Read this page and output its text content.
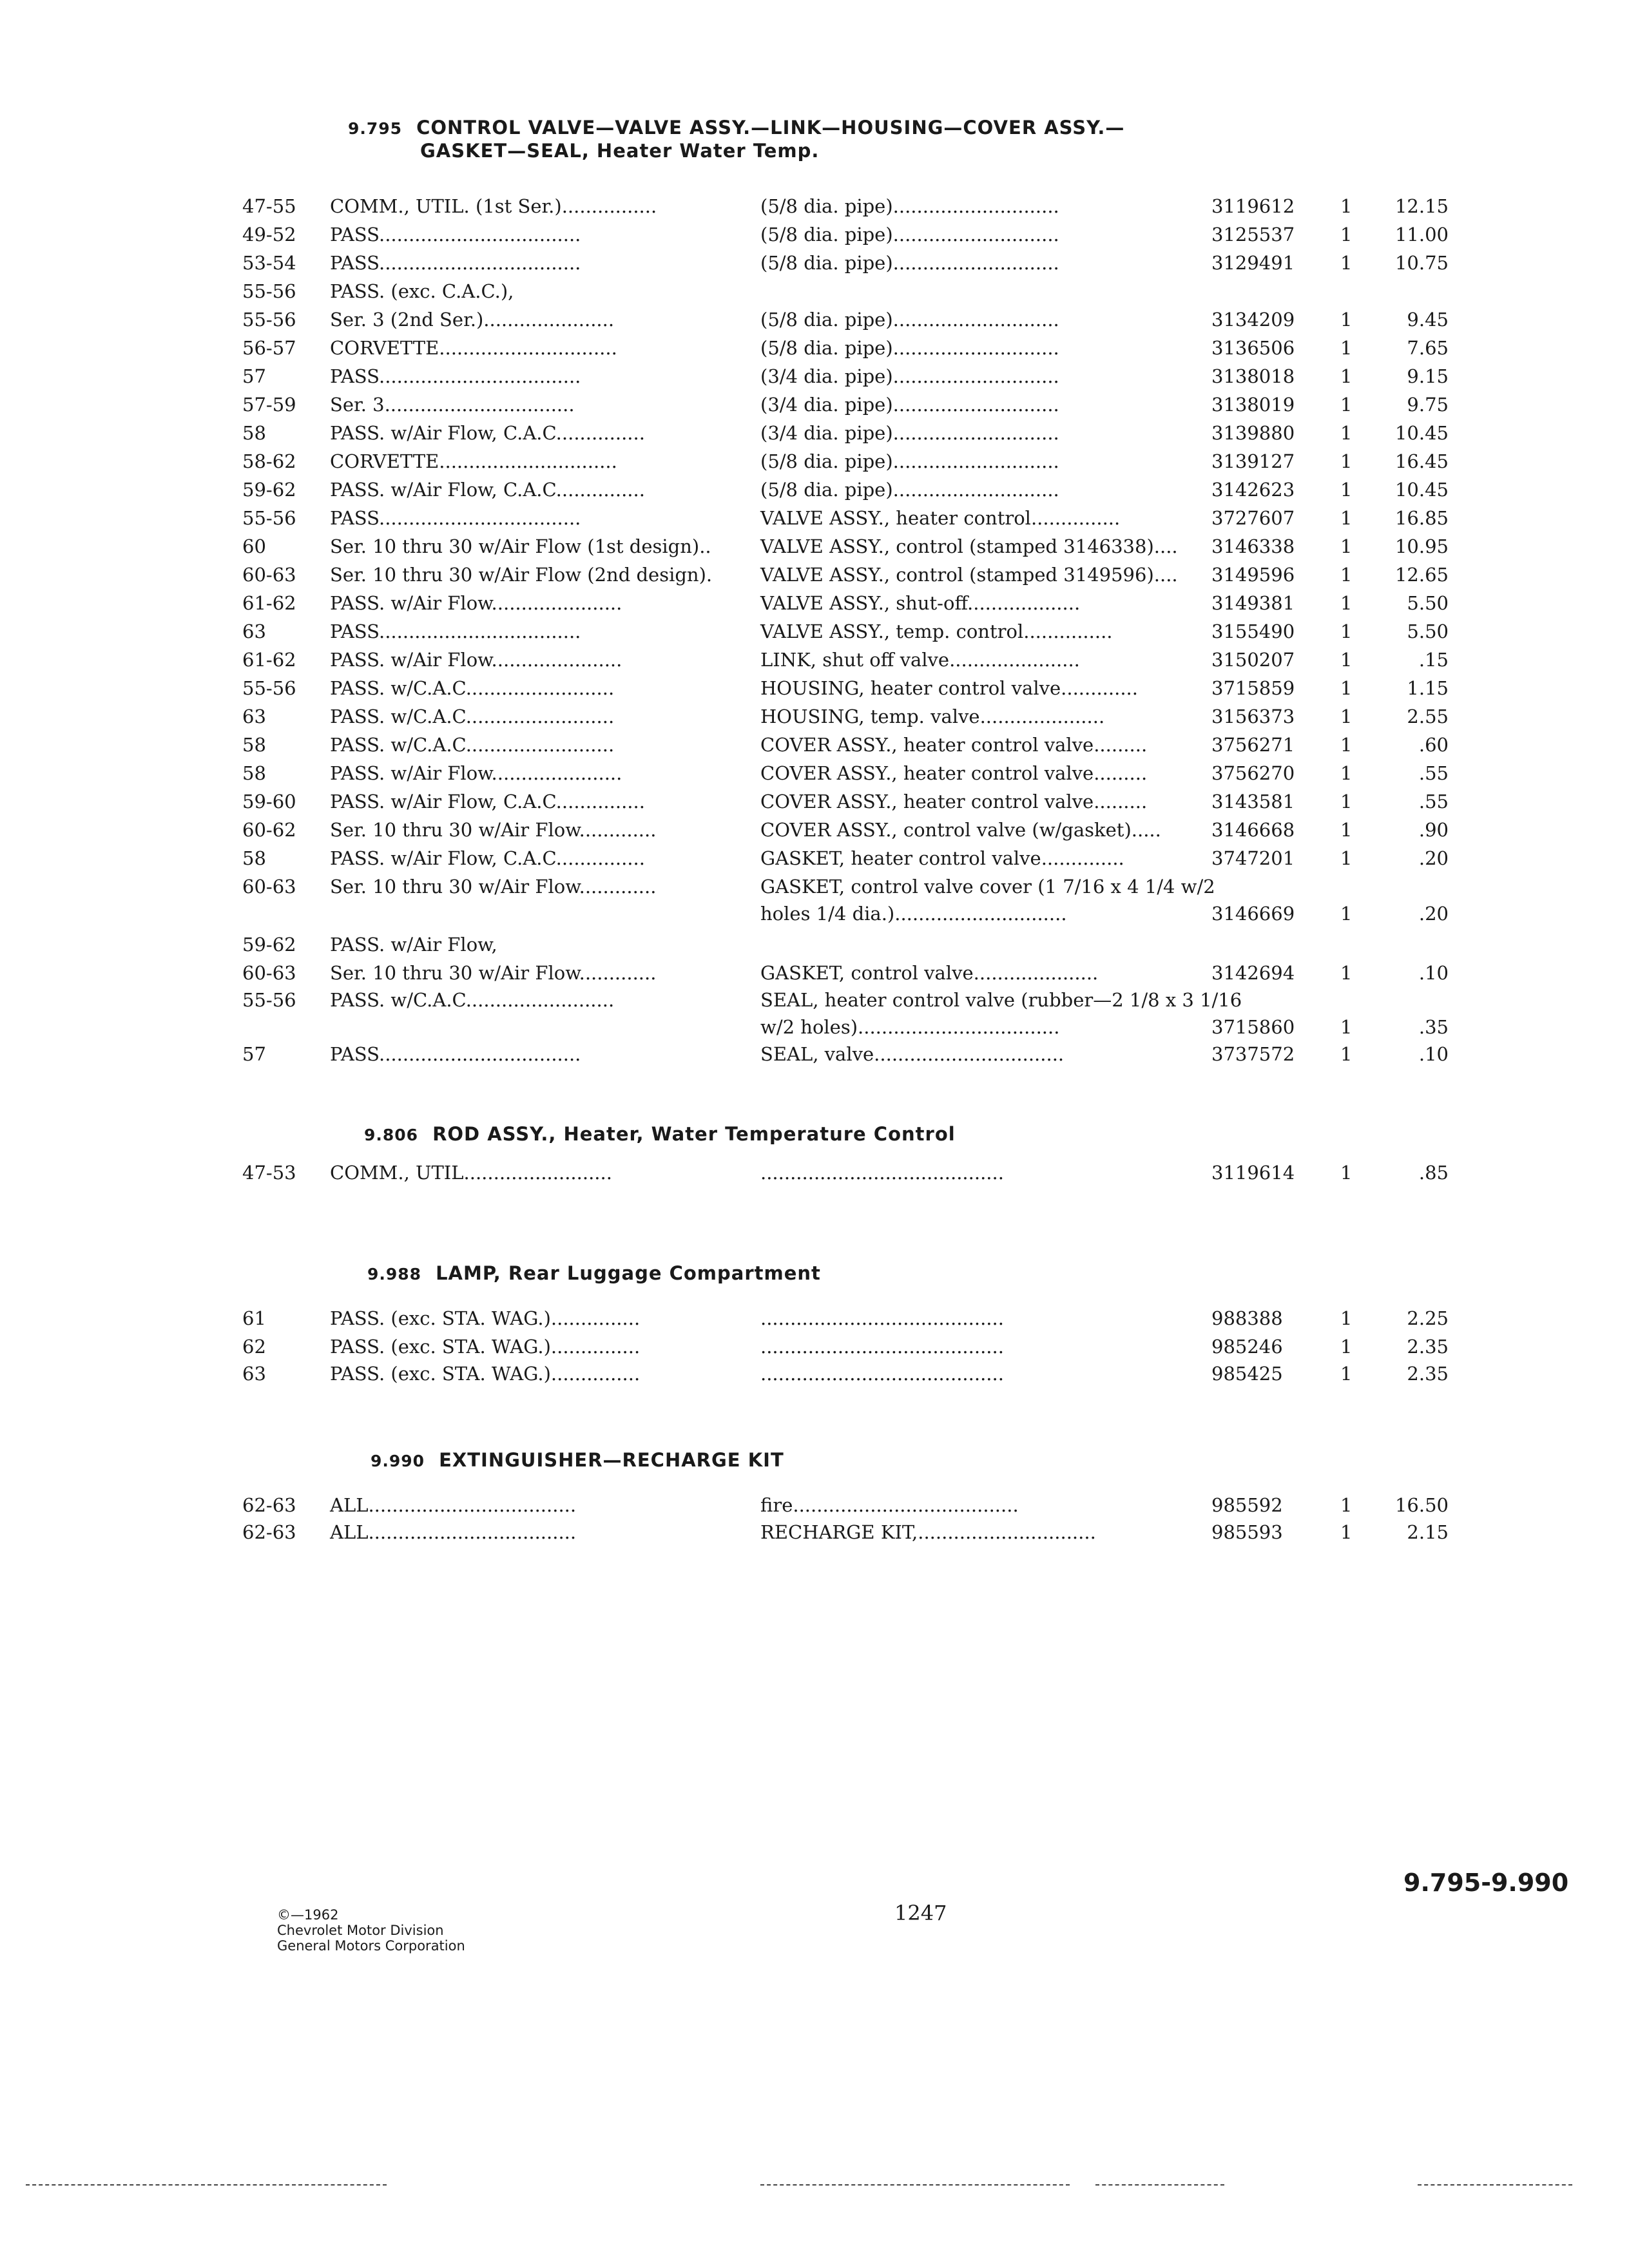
9.795 CONTROL VALVE—VALVE ASSY.—LINK—HOUSING—COVER ASSY.—
GASKET—SEAL, Heater Water Temp.
47-55 COMM., UTIL. (1st Ser.)................	(5/8 dia. pipe)............................	3119612 1 12.15
49-52 PASS..................................	(5/8 dia. pipe)............................	3125537 1 11.00
53-54 PASS..................................	(5/8 dia. pipe)............................	3129491 1 10.75
55-56 PASS. (exc. C.A.C.),
55-56 Ser. 3 (2nd Ser.)......................	(5/8 dia. pipe)............................	3134209 1	9.45
56-57 CORVETTE..............................	(5/8 dia. pipe)............................	3136506 1	7.65
57	PASS..................................	(3/4 dia. pipe)............................	3138018 1	9.15
57-59 Ser. 3................................	(3/4 dia. pipe)............................	3138019 1	9.75
58	PASS. w/Air Flow, C.A.C...............	(3/4 dia. pipe)............................	3139880 1 10.45
58-62 CORVETTE..............................	(5/8 dia. pipe)............................	3139127 1 16.45
59-62 PASS. w/Air Flow, C.A.C...............	(5/8 dia. pipe)............................	3142623 1 10.45
55-56 PASS..................................	VALVE ASSY., heater control...............	3727607 1 16.85
60	Ser. 10 thru 30 w/Air Flow (1st design)..	VALVE ASSY., control (stamped 3146338).... 3146338 1 10.95
60-63 Ser. 10 thru 30 w/Air Flow (2nd design).	VALVE ASSY., control (stamped 3149596).... 3149596 1 12.65
61-62 PASS. w/Air Flow......................	VALVE ASSY., shut-off...................	3149381 1	5.50
63	PASS..................................	VALVE ASSY., temp. control...............	3155490 1	5.50
61-62 PASS. w/Air Flow......................	LINK, shut off valve......................	3150207 1	.15
55-56 PASS. w/C.A.C.........................	HOUSING, heater control valve.............	3715859 1	1.15
63	PASS. w/C.A.C.........................	HOUSING, temp. valve.....................	3156373 1	2.55
58	PASS. w/C.A.C.........................	COVER ASSY., heater control valve.........	3756271 1	.60
58	PASS. w/Air Flow......................	COVER ASSY., heater control valve.........	3756270 1	.55
59-60 PASS. w/Air Flow, C.A.C...............	COVER ASSY., heater control valve.........	3143581 1	.55
60-62 Ser. 10 thru 30 w/Air Flow.............	COVER ASSY., control valve (w/gasket).....	3146668 1	.90
58	PASS. w/Air Flow, C.A.C...............	GASKET, heater control valve..............	3747201 1	.20
60-63 Ser. 10 thru 30 w/Air Flow.............	GASKET, control valve cover (1 7/16 x 4 1/4 w/2
holes 1/4 dia.).............................	3146669 1	.20
59-62 PASS. w/Air Flow,
60-63 Ser. 10 thru 30 w/Air Flow.............	GASKET, control valve.....................	3142694 1	.10
55-56 PASS. w/C.A.C.........................	SEAL, heater control valve (rubber—2 1/8 x 3 1/16
w/2 holes)..................................	3715860 1	.35
57	PASS..................................	SEAL, valve................................	3737572 1	.10
9.806 ROD ASSY., Heater, Water Temperature Control
47-53 COMM., UTIL.........................	.........................................	3119614 1	.85
9.988 LAMP, Rear Luggage Compartment
61	PASS. (exc. STA. WAG.)...............	.........................................	988388	1	2.25
62	PASS. (exc. STA. WAG.)...............	.........................................	985246	1	2.35
63	PASS. (exc. STA. WAG.)...............	.........................................	985425	1	2.35
9.990 EXTINGUISHER—RECHARGE KIT
62-63 ALL...................................	fire......................................	985592	1 16.50
62-63 ALL...................................	RECHARGE KIT,..............................	985593	1	2.15
©—1962
Chevrolet Motor Division
General Motors Corporation
1247
9.795-9.990
